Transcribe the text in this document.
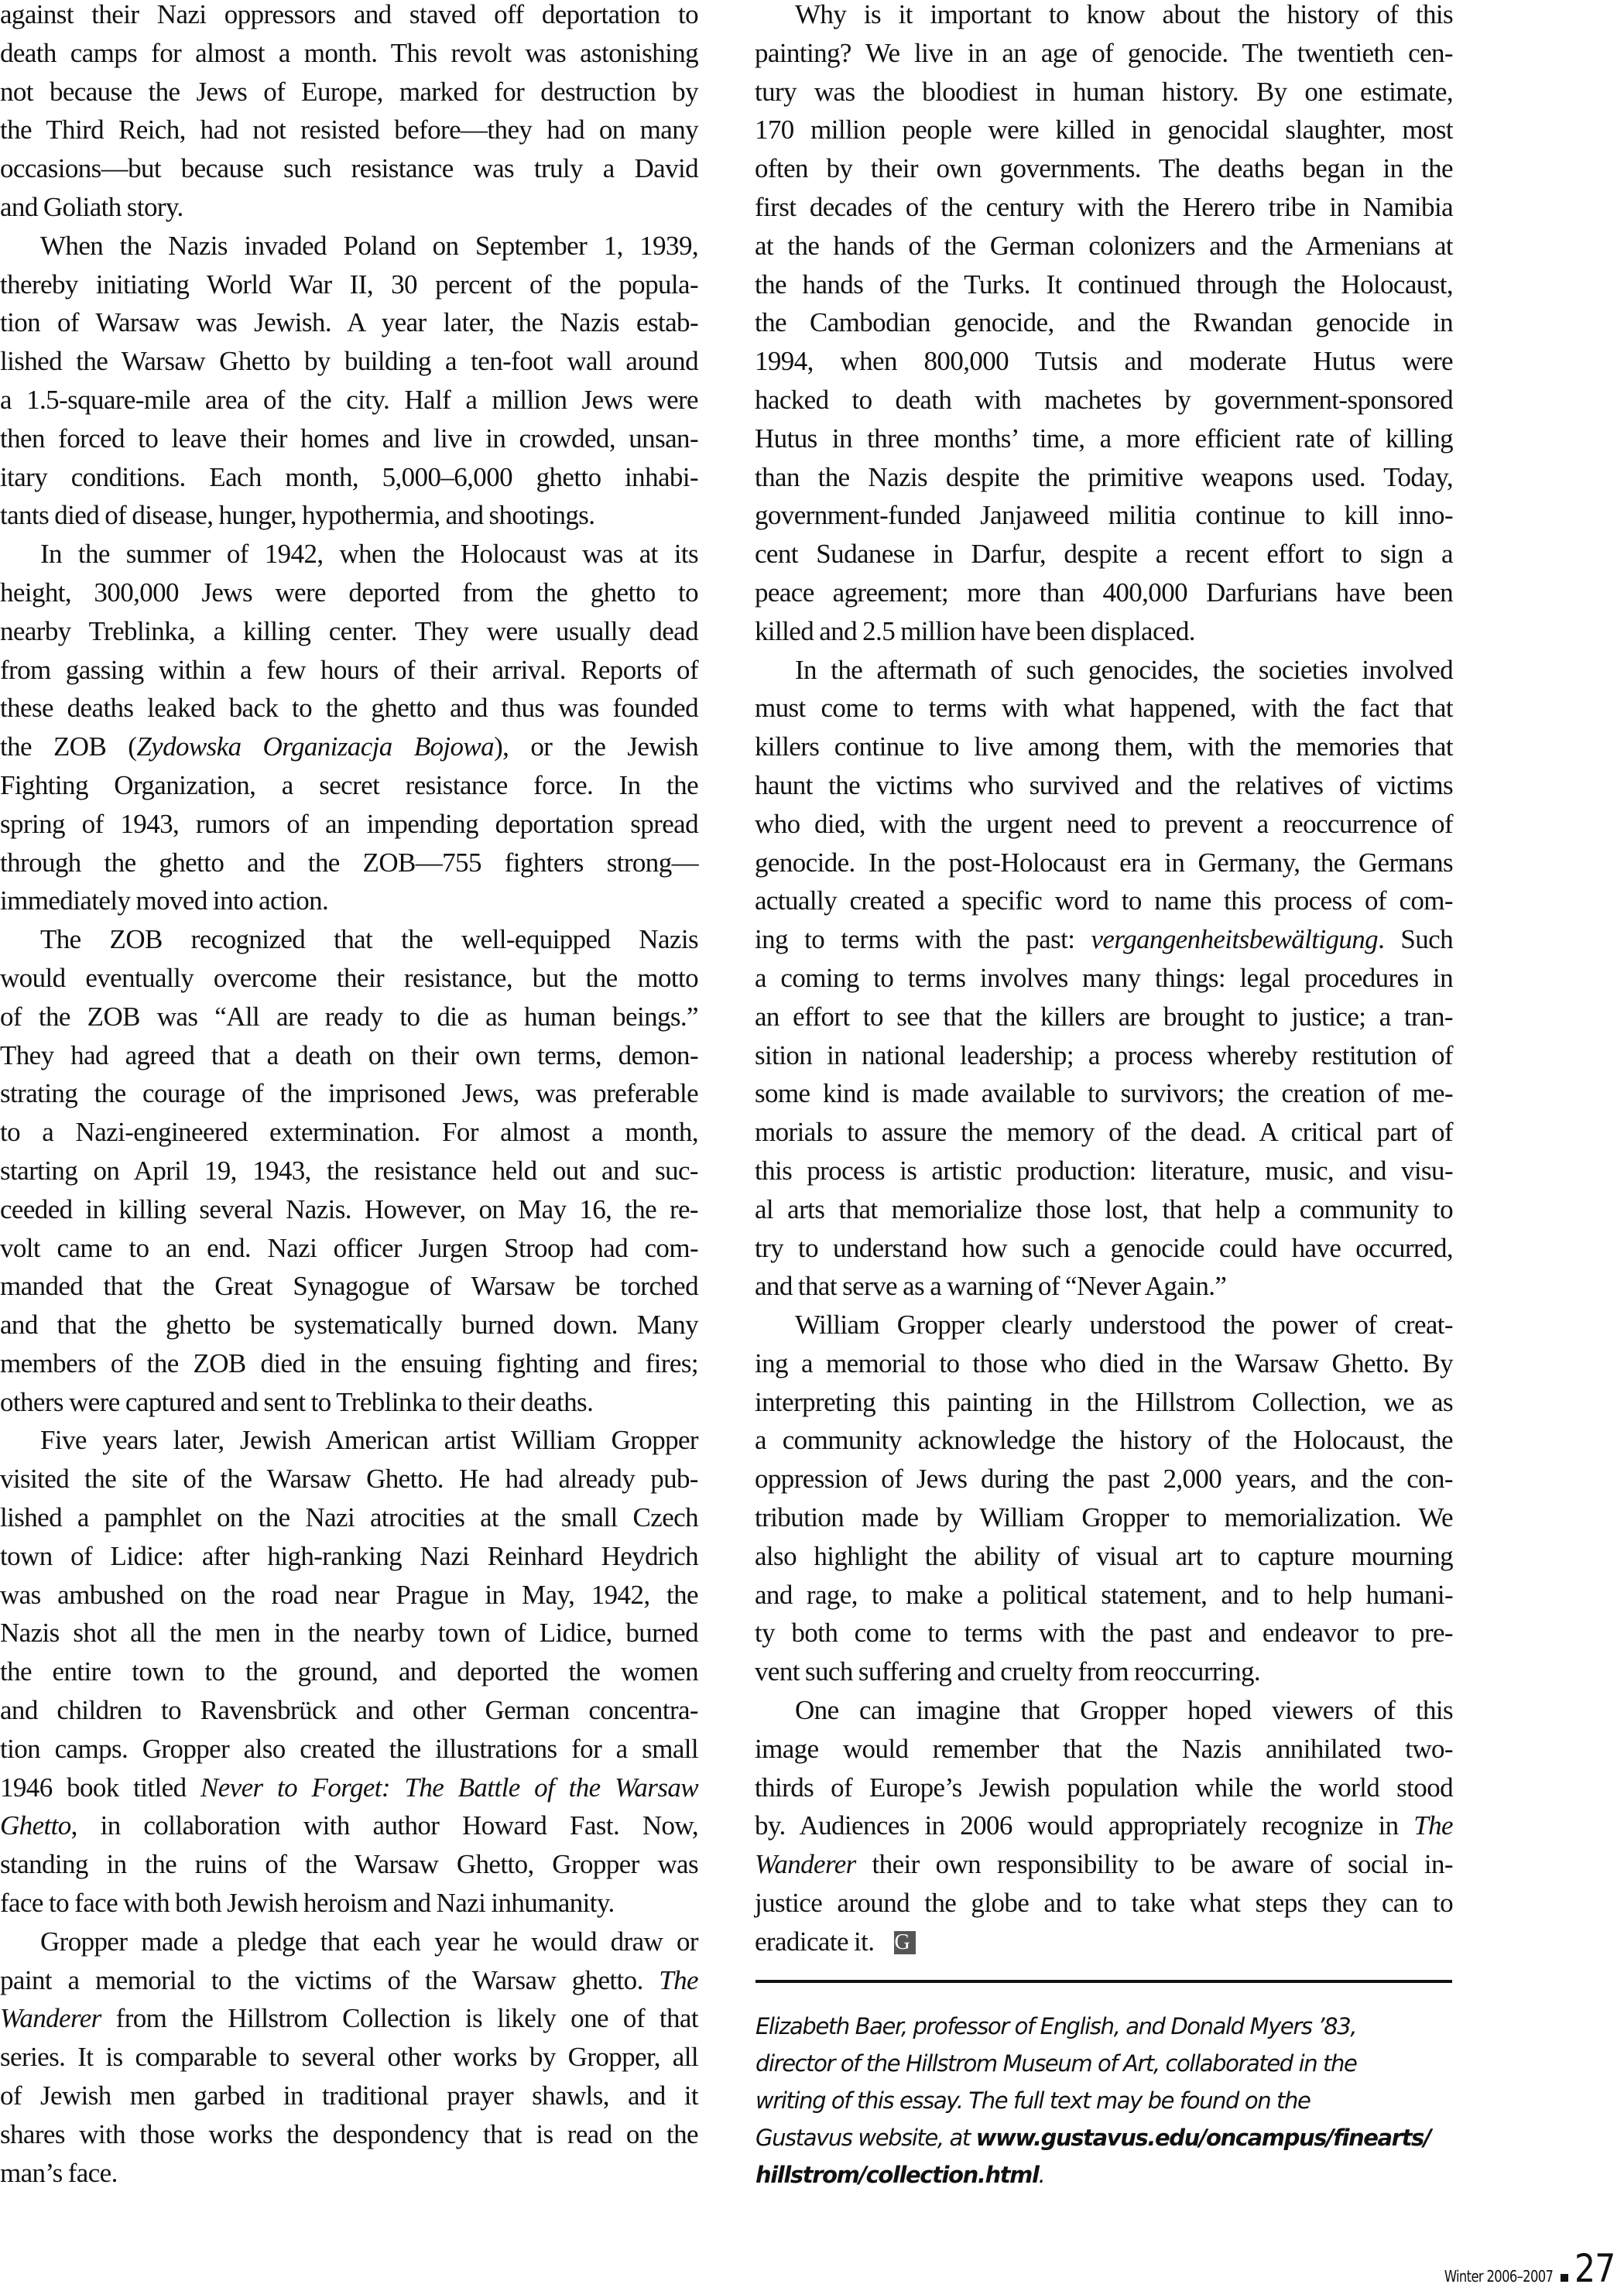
against their Nazi oppressors and staved off deportation to
death camps for almost a month. This revolt was astonishing
not because the Jews of Europe, marked for destruction by
the Third Reich, had not resisted before—they had on many
occasions—but because such resistance was truly a David
and Goliath story.
When the Nazis invaded Poland on September 1, 1939,
thereby initiating World War II, 30 percent of the popula-
tion of Warsaw was Jewish. A year later, the Nazis estab-
lished the Warsaw Ghetto by building a ten-foot wall around
a 1.5-square-mile area of the city. Half a million Jews were
then forced to leave their homes and live in crowded, unsan-
itary conditions. Each month, 5,000–6,000 ghetto inhabi-
tants died of disease, hunger, hypothermia, and shootings.
In the summer of 1942, when the Holocaust was at its
height, 300,000 Jews were deported from the ghetto to
nearby Treblinka, a killing center. They were usually dead
from gassing within a few hours of their arrival. Reports of
these deaths leaked back to the ghetto and thus was founded
the ZOB (Zydowska Organizacja Bojowa), or the Jewish
Fighting Organization, a secret resistance force. In the
spring of 1943, rumors of an impending deportation spread
through the ghetto and the ZOB—755 fighters strong—
immediately moved into action.
The ZOB recognized that the well-equipped Nazis
would eventually overcome their resistance, but the motto
of the ZOB was “All are ready to die as human beings.”
They had agreed that a death on their own terms, demon-
strating the courage of the imprisoned Jews, was preferable
to a Nazi-engineered extermination. For almost a month,
starting on April 19, 1943, the resistance held out and suc-
ceeded in killing several Nazis. However, on May 16, the re-
volt came to an end. Nazi officer Jurgen Stroop had com-
manded that the Great Synagogue of Warsaw be torched
and that the ghetto be systematically burned down. Many
members of the ZOB died in the ensuing fighting and fires;
others were captured and sent to Treblinka to their deaths.
Five years later, Jewish American artist William Gropper
visited the site of the Warsaw Ghetto. He had already pub-
lished a pamphlet on the Nazi atrocities at the small Czech
town of Lidice: after high-ranking Nazi Reinhard Heydrich
was ambushed on the road near Prague in May, 1942, the
Nazis shot all the men in the nearby town of Lidice, burned
the entire town to the ground, and deported the women
and children to Ravensbrück and other German concentra-
tion camps. Gropper also created the illustrations for a small
1946 book titled Never to Forget: The Battle of the Warsaw
Ghetto, in collaboration with author Howard Fast. Now,
standing in the ruins of the Warsaw Ghetto, Gropper was
face to face with both Jewish heroism and Nazi inhumanity.
Gropper made a pledge that each year he would draw or
paint a memorial to the victims of the Warsaw ghetto. The
Wanderer from the Hillstrom Collection is likely one of that
series. It is comparable to several other works by Gropper, all
of Jewish men garbed in traditional prayer shawls, and it
shares with those works the despondency that is read on the
man’s face.
Why is it important to know about the history of this
painting? We live in an age of genocide. The twentieth cen-
tury was the bloodiest in human history. By one estimate,
170 million people were killed in genocidal slaughter, most
often by their own governments. The deaths began in the
first decades of the century with the Herero tribe in Namibia
at the hands of the German colonizers and the Armenians at
the hands of the Turks. It continued through the Holocaust,
the Cambodian genocide, and the Rwandan genocide in
1994, when 800,000 Tutsis and moderate Hutus were
hacked to death with machetes by government-sponsored
Hutus in three months’ time, a more efficient rate of killing
than the Nazis despite the primitive weapons used. Today,
government-funded Janjaweed militia continue to kill inno-
cent Sudanese in Darfur, despite a recent effort to sign a
peace agreement; more than 400,000 Darfurians have been
killed and 2.5 million have been displaced.
In the aftermath of such genocides, the societies involved
must come to terms with what happened, with the fact that
killers continue to live among them, with the memories that
haunt the victims who survived and the relatives of victims
who died, with the urgent need to prevent a reoccurrence of
genocide. In the post-Holocaust era in Germany, the Germans
actually created a specific word to name this process of com-
ing to terms with the past: vergangenheitsbewältigung. Such
a coming to terms involves many things: legal procedures in
an effort to see that the killers are brought to justice; a tran-
sition in national leadership; a process whereby restitution of
some kind is made available to survivors; the creation of me-
morials to assure the memory of the dead. A critical part of
this process is artistic production: literature, music, and visu-
al arts that memorialize those lost, that help a community to
try to understand how such a genocide could have occurred,
and that serve as a warning of “Never Again.”
William Gropper clearly understood the power of creat-
ing a memorial to those who died in the Warsaw Ghetto. By
interpreting this painting in the Hillstrom Collection, we as
a community acknowledge the history of the Holocaust, the
oppression of Jews during the past 2,000 years, and the con-
tribution made by William Gropper to memorialization. We
also highlight the ability of visual art to capture mourning
and rage, to make a political statement, and to help humani-
ty both come to terms with the past and endeavor to pre-
vent such suffering and cruelty from reoccurring.
One can imagine that Gropper hoped viewers of this
image would remember that the Nazis annihilated two-
thirds of Europe’s Jewish population while the world stood
by. Audiences in 2006 would appropriately recognize in The
Wanderer their own responsibility to be aware of social in-
justice around the globe and to take what steps they can to
eradicate it. G
Elizabeth Baer, professor of English, and Donald Myers ’83,
director of the Hillstrom Museum of Art, collaborated in the
writing of this essay. The full text may be found on the
Gustavus website, at www.gustavus.edu/oncampus/finearts/
hillstrom/collection.html.
Winter 2006–2007 27
